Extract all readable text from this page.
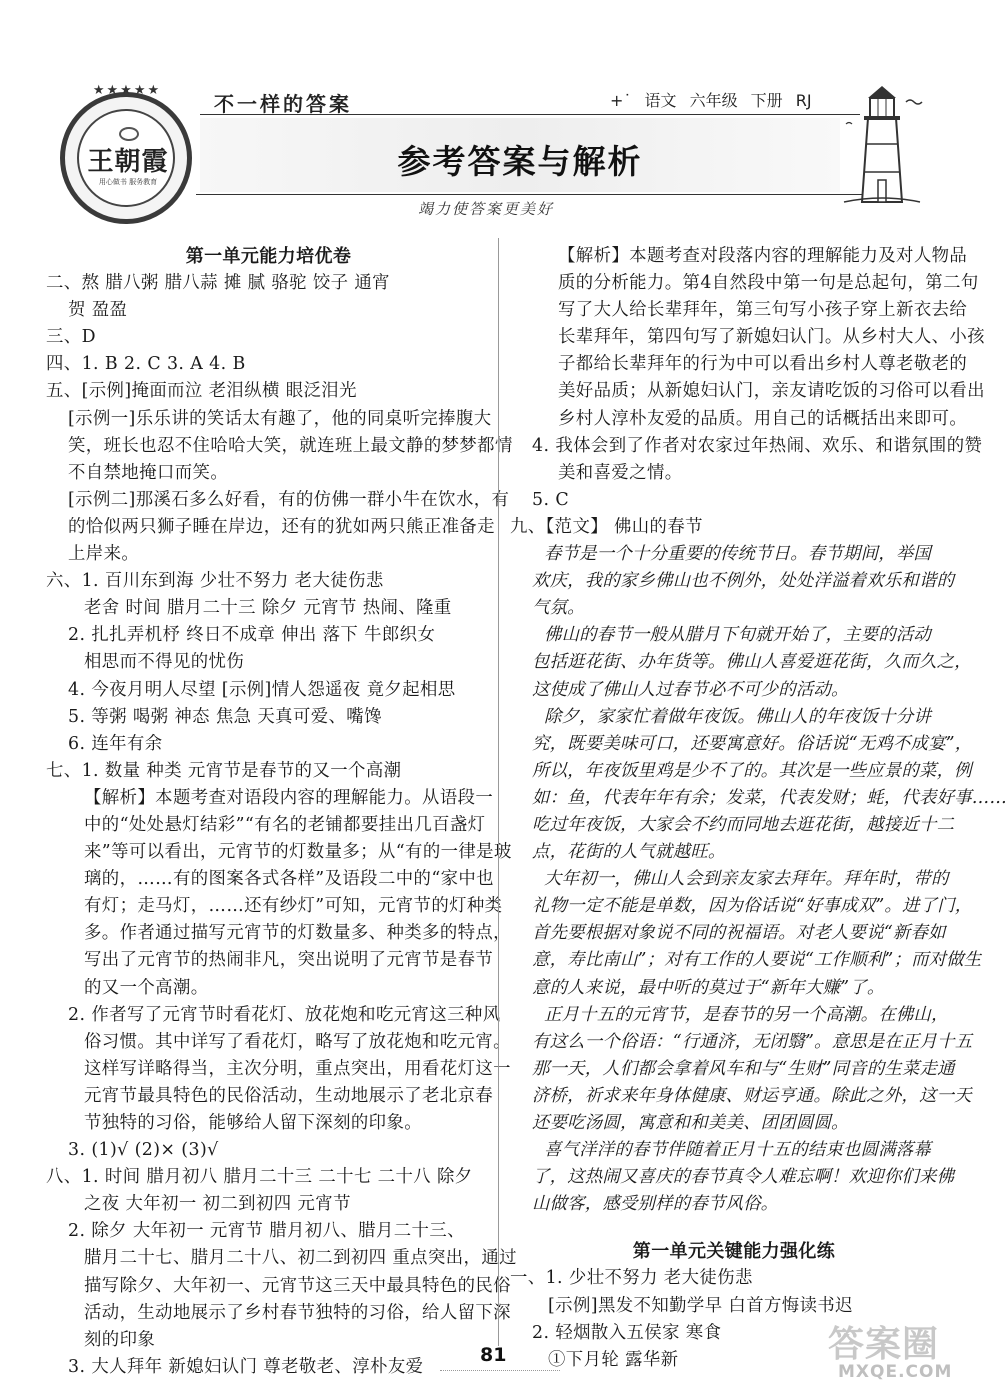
★★★★★
王朝霞
用心做书 服务教育
不一样的答案	+˙ 语文 六年级 下册 RJ
参考答案与解析
竭力使答案更美好
第一单元能力培优卷
二、熬 腊八粥 腊八蒜 摊 腻 骆驼 饺子 通宵
贺 盈盈
三、D
四、1. B 2. C 3. A 4. B
五、[示例]掩面而泣 老泪纵横 眼泛泪光
[示例一]乐乐讲的笑话太有趣了，他的同桌听完捧腹大
笑，班长也忍不住哈哈大笑，就连班上最文静的梦梦都情
不自禁地掩口而笑。
[示例二]那溪石多么好看，有的仿佛一群小牛在饮水，有
的恰似两只狮子睡在岸边，还有的犹如两只熊正准备走
上岸来。
六、1. 百川东到海 少壮不努力 老大徒伤悲
老舍 时间 腊月二十三 除夕 元宵节 热闹、隆重
2. 扎扎弄机杼 终日不成章 伸出 落下 牛郎织女
相思而不得见的忧伤
4. 今夜月明人尽望 [示例]情人怨遥夜 竟夕起相思
5. 等粥 喝粥 神态 焦急 天真可爱、嘴馋
6. 连年有余
七、1. 数量 种类 元宵节是春节的又一个高潮
【解析】本题考查对语段内容的理解能力。从语段一
中的“处处悬灯结彩”“有名的老铺都要挂出几百盏灯
来”等可以看出，元宵节的灯数量多；从“有的一律是玻
璃的，……有的图案各式各样”及语段二中的“家中也
有灯；走马灯，……还有纱灯”可知，元宵节的灯种类
多。作者通过描写元宵节的灯数量多、种类多的特点，
写出了元宵节的热闹非凡，突出说明了元宵节是春节
的又一个高潮。
2. 作者写了元宵节时看花灯、放花炮和吃元宵这三种风
俗习惯。其中详写了看花灯，略写了放花炮和吃元宵。
这样写详略得当，主次分明，重点突出，用看花灯这一
元宵节最具特色的民俗活动，生动地展示了老北京春
节独特的习俗，能够给人留下深刻的印象。
3. (1)√ (2)× (3)√
八、1. 时间 腊月初八 腊月二十三 二十七 二十八 除夕
之夜 大年初一 初二到初四 元宵节
2. 除夕 大年初一 元宵节 腊月初八、腊月二十三、
腊月二十七、腊月二十八、初二到初四 重点突出，通过
描写除夕、大年初一、元宵节这三天中最具特色的民俗
活动，生动地展示了乡村春节独特的习俗，给人留下深
刻的印象
3. 大人拜年 新媳妇认门 尊老敬老、淳朴友爱
【解析】本题考查对段落内容的理解能力及对人物品
质的分析能力。第4自然段中第一句是总起句，第二句
写了大人给长辈拜年，第三句写小孩子穿上新衣去给
长辈拜年，第四句写了新媳妇认门。从乡村大人、小孩
子都给长辈拜年的行为中可以看出乡村人尊老敬老的
美好品质；从新媳妇认门，亲友请吃饭的习俗可以看出
乡村人淳朴友爱的品质。用自己的话概括出来即可。
4. 我体会到了作者对农家过年热闹、欢乐、和谐氛围的赞
美和喜爱之情。
5. C
九、【范文】 佛山的春节
春节是一个十分重要的传统节日。春节期间，举国
欢庆，我的家乡佛山也不例外，处处洋溢着欢乐和谐的
气氛。
佛山的春节一般从腊月下旬就开始了，主要的活动
包括逛花街、办年货等。佛山人喜爱逛花街，久而久之，
这使成了佛山人过春节必不可少的活动。
除夕，家家忙着做年夜饭。佛山人的年夜饭十分讲
究，既要美味可口，还要寓意好。俗话说“无鸡不成宴”，
所以，年夜饭里鸡是少不了的。其次是一些应景的菜，例
如：鱼，代表年年有余；发菜，代表发财；蚝，代表好事……
吃过年夜饭，大家会不约而同地去逛花街，越接近十二
点，花街的人气就越旺。
大年初一，佛山人会到亲友家去拜年。拜年时，带的
礼物一定不能是单数，因为俗话说“好事成双”。进了门，
首先要根据对象说不同的祝福语。对老人要说“新春如
意，寿比南山”；对有工作的人要说“工作顺利”；而对做生
意的人来说，最中听的莫过于“新年大赚”了。
正月十五的元宵节，是春节的另一个高潮。在佛山，
有这么一个俗语：“行通济，无闭翳”。意思是在正月十五
那一天，人们都会拿着风车和与“生财”同音的生菜走通
济桥，祈求来年身体健康、财运亨通。除此之外，这一天
还要吃汤圆，寓意和和美美、团团圆圆。
喜气洋洋的春节伴随着正月十五的结束也圆满落幕
了，这热闹又喜庆的春节真令人难忘啊！欢迎你们来佛
山做客，感受别样的春节风俗。
第一单元关键能力强化练
一、1. 少壮不努力 老大徒伤悲
[示例]黑发不知勤学早 白首方悔读书迟
2. 轻烟散入五侯家 寒食
①下月轮 露华新
81	答案圈
MXQE.COM
